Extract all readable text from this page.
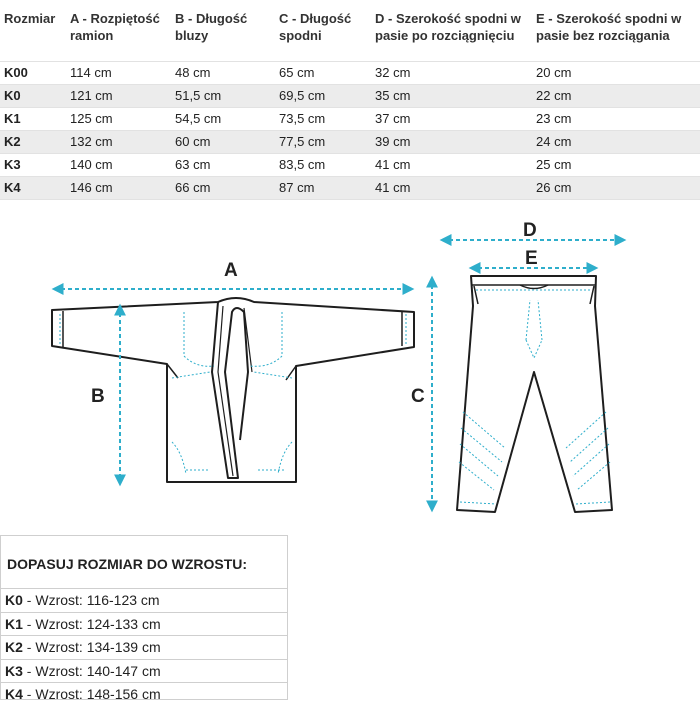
Rozmiar	A - Rozpiętość ramion	B - Długość bluzy	C - Długość spodni	D - Szerokość spodni w pasie po rozciągnięciu	E - Szerokość spodni w pasie bez rozciągania
K00	114 cm	48 cm	65 cm	32 cm	20 cm
K0	121 cm	51,5 cm	69,5 cm	35 cm	22 cm
K1	125 cm	54,5 cm	73,5 cm	37 cm	23 cm
K2	132 cm	60 cm	77,5 cm	39 cm	24 cm
K3	140 cm	63 cm	83,5 cm	41 cm	25 cm
K4	146 cm	66 cm	87 cm	41 cm	26 cm
A
B
D
E
C
DOPASUJ ROZMIAR DO WZROSTU:
K0 - Wzrost: 116-123 cm
K1 - Wzrost: 124-133 cm
K2 - Wzrost: 134-139 cm
K3 - Wzrost: 140-147 cm
K4 - Wzrost: 148-156 cm
